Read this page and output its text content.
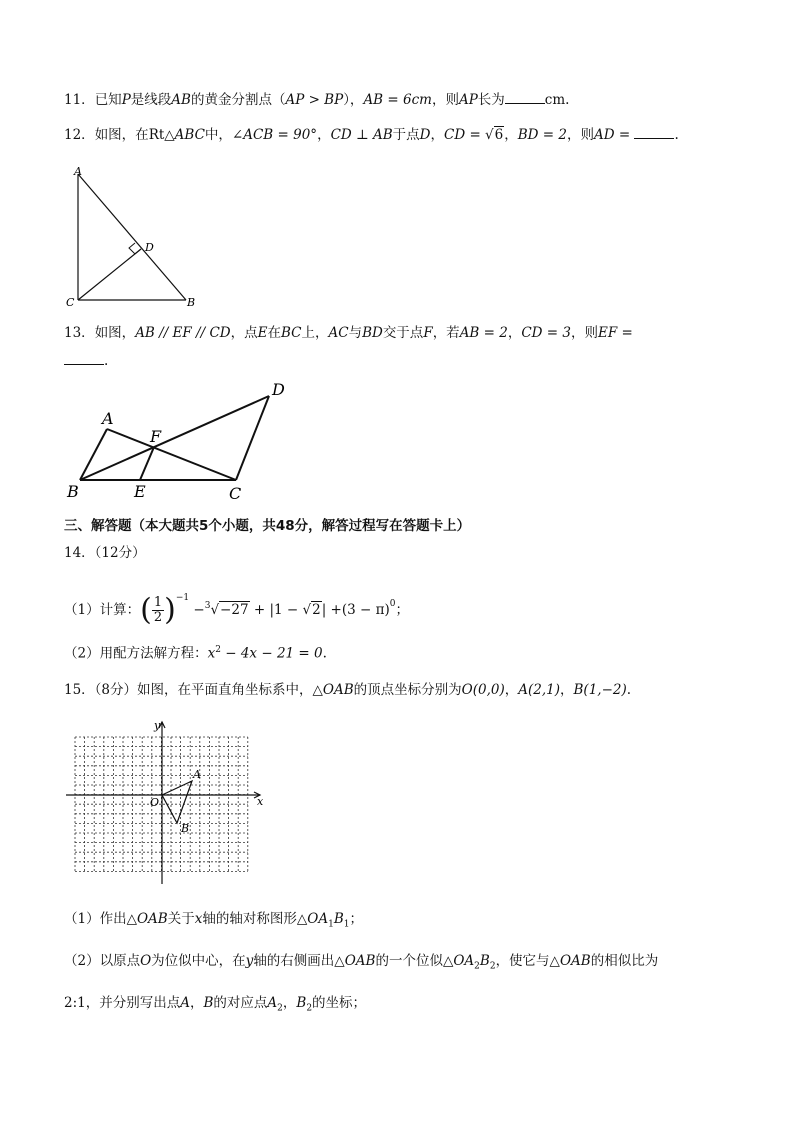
11．已知P是线段AB的黄金分割点（AP > BP），AB = 6cm，则AP长为	cm.
12．如图，在Rt△ABC中，∠ACB = 90°，CD ⊥ AB于点D，CD = √6，BD = 2，则AD =	.
A
D
C	B
13．如图，AB // EF // CD，点E在BC上，AC与BD交于点F，若AB = 2，CD = 3，则EF =
.
A
F
D
B	E	C
三、解答题（本大题共5个小题，共48分，解答过程写在答题卡上）
14．（12分）
（1）计算：( $\frac{1}{2} )^{-1} -^3√-27 + |1 - √2| +(3 - \pi)^0$；
（2）用配方法解方程：$x^2 - 4x - 21 = 0$.
15．（8分）如图，在平面直角坐标系中，△OAB的顶点坐标分别为O(0,0)，A(2,1)，B(1,−2).
x
y
O
A
B
（1）作出△OAB关于x轴的轴对称图形$\triangle OA_1B_1$；
（2）以原点O为位似中心，在y轴的右侧画出△OAB的一个位似$\triangle OA_2B_2$，使它与△OAB的相似比为
2:1，并分别写出点A，B的对应点$A_2$，$B_2$的坐标；
